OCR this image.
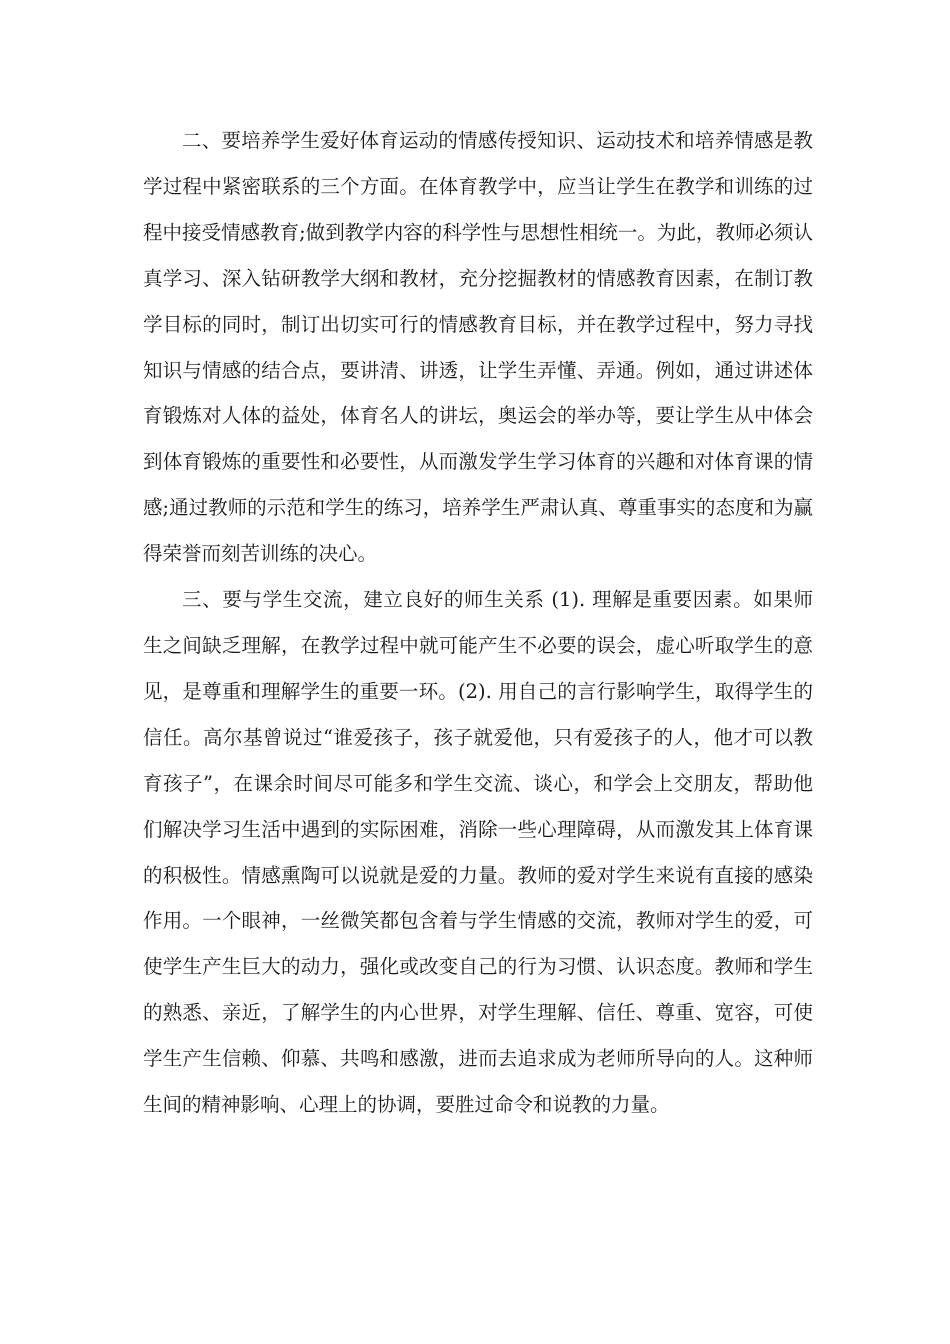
二、要培养学生爱好体育运动的情感传授知识、运动技术和培养情感是教学过程中紧密联系的三个方面。在体育教学中，应当让学生在教学和训练的过程中接受情感教育;做到教学内容的科学性与思想性相统一。为此，教师必须认真学习、深入钻研教学大纲和教材，充分挖掘教材的情感教育因素，在制订教学目标的同时，制订出切实可行的情感教育目标，并在教学过程中，努力寻找知识与情感的结合点，要讲清、讲透，让学生弄懂、弄通。例如，通过讲述体育锻炼对人体的益处，体育名人的讲坛，奥运会的举办等，要让学生从中体会到体育锻炼的重要性和必要性，从而激发学生学习体育的兴趣和对体育课的情感;通过教师的示范和学生的练习，培养学生严肃认真、尊重事实的态度和为赢得荣誉而刻苦训练的决心。

三、要与学生交流，建立良好的师生关系 (1). 理解是重要因素。如果师生之间缺乏理解，在教学过程中就可能产生不必要的误会，虚心听取学生的意见，是尊重和理解学生的重要一环。(2). 用自己的言行影响学生，取得学生的信任。高尔基曾说过“谁爱孩子，孩子就爱他，只有爱孩子的人，他才可以教育孩子”，在课余时间尽可能多和学生交流、谈心，和学会上交朋友，帮助他们解决学习生活中遇到的实际困难，消除一些心理障碍，从而激发其上体育课的积极性。情感熏陶可以说就是爱的力量。教师的爱对学生来说有直接的感染作用。一个眼神，一丝微笑都包含着与学生情感的交流，教师对学生的爱，可使学生产生巨大的动力，强化或改变自己的行为习惯、认识态度。教师和学生的熟悉、亲近，了解学生的内心世界，对学生理解、信任、尊重、宽容，可使学生产生信赖、仰慕、共鸣和感激，进而去追求成为老师所导向的人。这种师生间的精神影响、心理上的协调，要胜过命令和说教的力量。
